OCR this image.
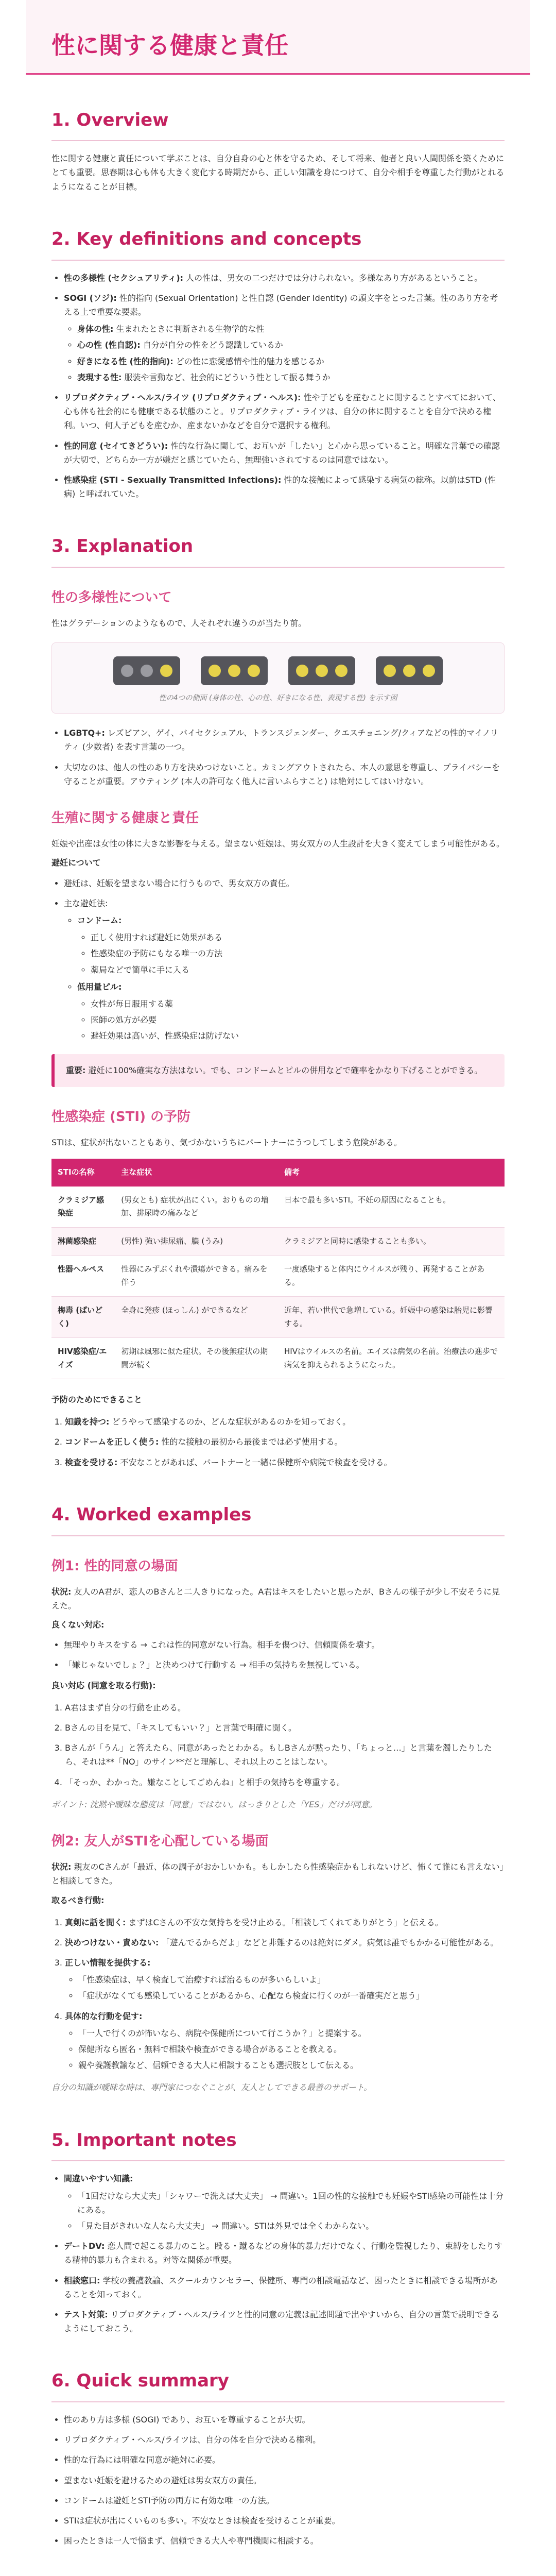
性に関する健康と責任
1. Overview

性に関する健康と責任について学ぶことは、自分自身の心と体を守るため、そして将来、他者と良い人間関係を築くためにとても重要。思春期は心も体も大きく変化する時期だから、正しい知識を身につけて、自分や相手を尊重した行動がとれるようになることが目標。

2. Key definitions and concepts
• 性の多様性 (セクシュアリティ): 人の性は、男女の二つだけでは分けられない。多様なあり方があるということ。
• SOGI (ソジ): 性的指向 (Sexual Orientation) と性自認 (Gender Identity) の頭文字をとった言葉。性のあり方を考える上で重要な要素。
◦ 身体の性: 生まれたときに判断される生物学的な性
◦ 心の性 (性自認): 自分が自分の性をどう認識しているか
◦ 好きになる性 (性的指向): どの性に恋愛感情や性的魅力を感じるか
◦ 表現する性: 服装や言動など、社会的にどういう性として振る舞うか
• リプロダクティブ・ヘルス/ライツ (リプロダクティブ・ヘルス): 性や子どもを産むことに関することすべてにおいて、心も体も社会的にも健康である状態のこと。リプロダクティブ・ライツは、自分の体に関することを自分で決める権利。いつ、何人子どもを産むか、産まないかなどを自分で選択する権利。
• 性的同意 (セイてきどうい): 性的な行為に関して、お互いが「したい」と心から思っていること。明確な言葉での確認が大切で、どちらか一方が嫌だと感じていたら、無理強いされてするのは同意ではない。
• 性感染症 (STI - Sexually Transmitted Infections): 性的な接触によって感染する病気の総称。以前はSTD (性病) と呼ばれていた。
3. Explanation
性の多様性について

性はグラデーションのようなもので、人それぞれ違うのが当たり前。

性の4つの側面 (身体の性、心の性、好きになる性、表現する性) を示す図
• LGBTQ+: レズビアン、ゲイ、バイセクシュアル、トランスジェンダー、クエスチョニング/クィアなどの性的マイノリティ (少数者) を表す言葉の一つ。
• 大切なのは、他人の性のあり方を決めつけないこと。カミングアウトされたら、本人の意思を尊重し、プライバシーを守ることが重要。アウティング (本人の許可なく他人に言いふらすこと) は絶対にしてはいけない。
生殖に関する健康と責任

妊娠や出産は女性の体に大きな影響を与える。望まない妊娠は、男女双方の人生設計を大きく変えてしまう可能性がある。

避妊について

• 避妊は、妊娠を望まない場合に行うもので、男女双方の責任。
• 主な避妊法:
◦ コンドーム:
◦ 正しく使用すれば避妊に効果がある
◦ 性感染症の予防にもなる唯一の方法
◦ 薬局などで簡単に手に入る
◦ 低用量ピル:
◦ 女性が毎日服用する薬
◦ 医師の処方が必要
◦ 避妊効果は高いが、性感染症は防げない
重要: 避妊に100%確実な方法はない。でも、コンドームとピルの併用などで確率をかなり下げることができる。
性感染症 (STI) の予防

STIは、症状が出ないこともあり、気づかないうちにパートナーにうつしてしまう危険がある。

STIの名称	主な症状	備考
クラミジア感染症	(男女とも) 症状が出にくい。おりものの増加、排尿時の痛みなど	日本で最も多いSTI。不妊の原因になることも。
淋菌感染症	(男性) 強い排尿痛、膿 (うみ)	クラミジアと同時に感染することも多い。
性器ヘルペス	性器にみずぶくれや潰瘍ができる。痛みを伴う	一度感染すると体内にウイルスが残り、再発することがある。
梅毒 (ばいどく)	全身に発疹 (ほっしん) ができるなど	近年、若い世代で急増している。妊娠中の感染は胎児に影響する。
HIV感染症/エイズ	初期は風邪に似た症状。その後無症状の期間が続く	HIVはウイルスの名前。エイズは病気の名前。治療法の進歩で病気を抑えられるようになった。

予防のためにできること

1. 知識を持つ: どうやって感染するのか、どんな症状があるのかを知っておく。
2. コンドームを正しく使う: 性的な接触の最初から最後までは必ず使用する。
3. 検査を受ける: 不安なことがあれば、パートナーと一緒に保健所や病院で検査を受ける。
4. Worked examples
例1: 性的同意の場面

状況: 友人のA君が、恋人のBさんと二人きりになった。A君はキスをしたいと思ったが、Bさんの様子が少し不安そうに見えた。

良くない対応:

• 無理やりキスをする → これは性的同意がない行為。相手を傷つけ、信頼関係を壊す。
• 「嫌じゃないでしょ？」と決めつけて行動する → 相手の気持ちを無視している。

良い対応 (同意を取る行動):

1. A君はまず自分の行動を止める。
2. Bさんの目を見て、「キスしてもいい？」と言葉で明確に聞く。
3. Bさんが「うん」と答えたら、同意があったとわかる。もしBさんが黙ったり、「ちょっと…」と言葉を濁したりしたら、それは**「NO」のサイン**だと理解し、それ以上のことはしない。
4. 「そっか、わかった。嫌なことしてごめんね」と相手の気持ちを尊重する。

ポイント: 沈黙や曖昧な態度は「同意」ではない。はっきりとした「YES」だけが同意。

例2: 友人がSTIを心配している場面

状況: 親友のCさんが「最近、体の調子がおかしいかも。もしかしたら性感染症かもしれないけど、怖くて誰にも言えない」と相談してきた。

取るべき行動:

1. 真剣に話を聞く: まずはCさんの不安な気持ちを受け止める。「相談してくれてありがとう」と伝える。
2. 決めつけない・責めない: 「遊んでるからだよ」などと非難するのは絶対にダメ。病気は誰でもかかる可能性がある。
3. 正しい情報を提供する:
◦ 「性感染症は、早く検査して治療すれば治るものが多いらしいよ」
◦ 「症状がなくても感染していることがあるから、心配なら検査に行くのが一番確実だと思う」
4. 具体的な行動を促す:
◦ 「一人で行くのが怖いなら、病院や保健所について行こうか？」と提案する。
◦ 保健所なら匿名・無料で相談や検査ができる場合があることを教える。
◦ 親や養護教諭など、信頼できる大人に相談することも選択肢として伝える。

自分の知識が曖昧な時は、専門家につなぐことが、友人としてできる最善のサポート。

5. Important notes
• 間違いやすい知識:
◦ 「1回だけなら大丈夫」「シャワーで洗えば大丈夫」 → 間違い。1回の性的な接触でも妊娠やSTI感染の可能性は十分にある。
◦ 「見た目がきれいな人なら大丈夫」 → 間違い。STIは外見では全くわからない。
• デートDV: 恋人間で起こる暴力のこと。殴る・蹴るなどの身体的暴力だけでなく、行動を監視したり、束縛をしたりする精神的暴力も含まれる。対等な関係が重要。
• 相談窓口: 学校の養護教諭、スクールカウンセラー、保健所、専門の相談電話など、困ったときに相談できる場所があることを知っておく。
• テスト対策: リプロダクティブ・ヘルス/ライツと性的同意の定義は記述問題で出やすいから、自分の言葉で説明できるようにしておこう。
6. Quick summary
• 性のあり方は多様 (SOGI) であり、お互いを尊重することが大切。
• リプロダクティブ・ヘルス/ライツは、自分の体を自分で決める権利。
• 性的な行為には明確な同意が絶対に必要。
• 望まない妊娠を避けるための避妊は男女双方の責任。
• コンドームは避妊とSTI予防の両方に有効な唯一の方法。
• STIは症状が出にくいものも多い。不安なときは検査を受けることが重要。
• 困ったときは一人で悩まず、信頼できる大人や専門機関に相談する。
